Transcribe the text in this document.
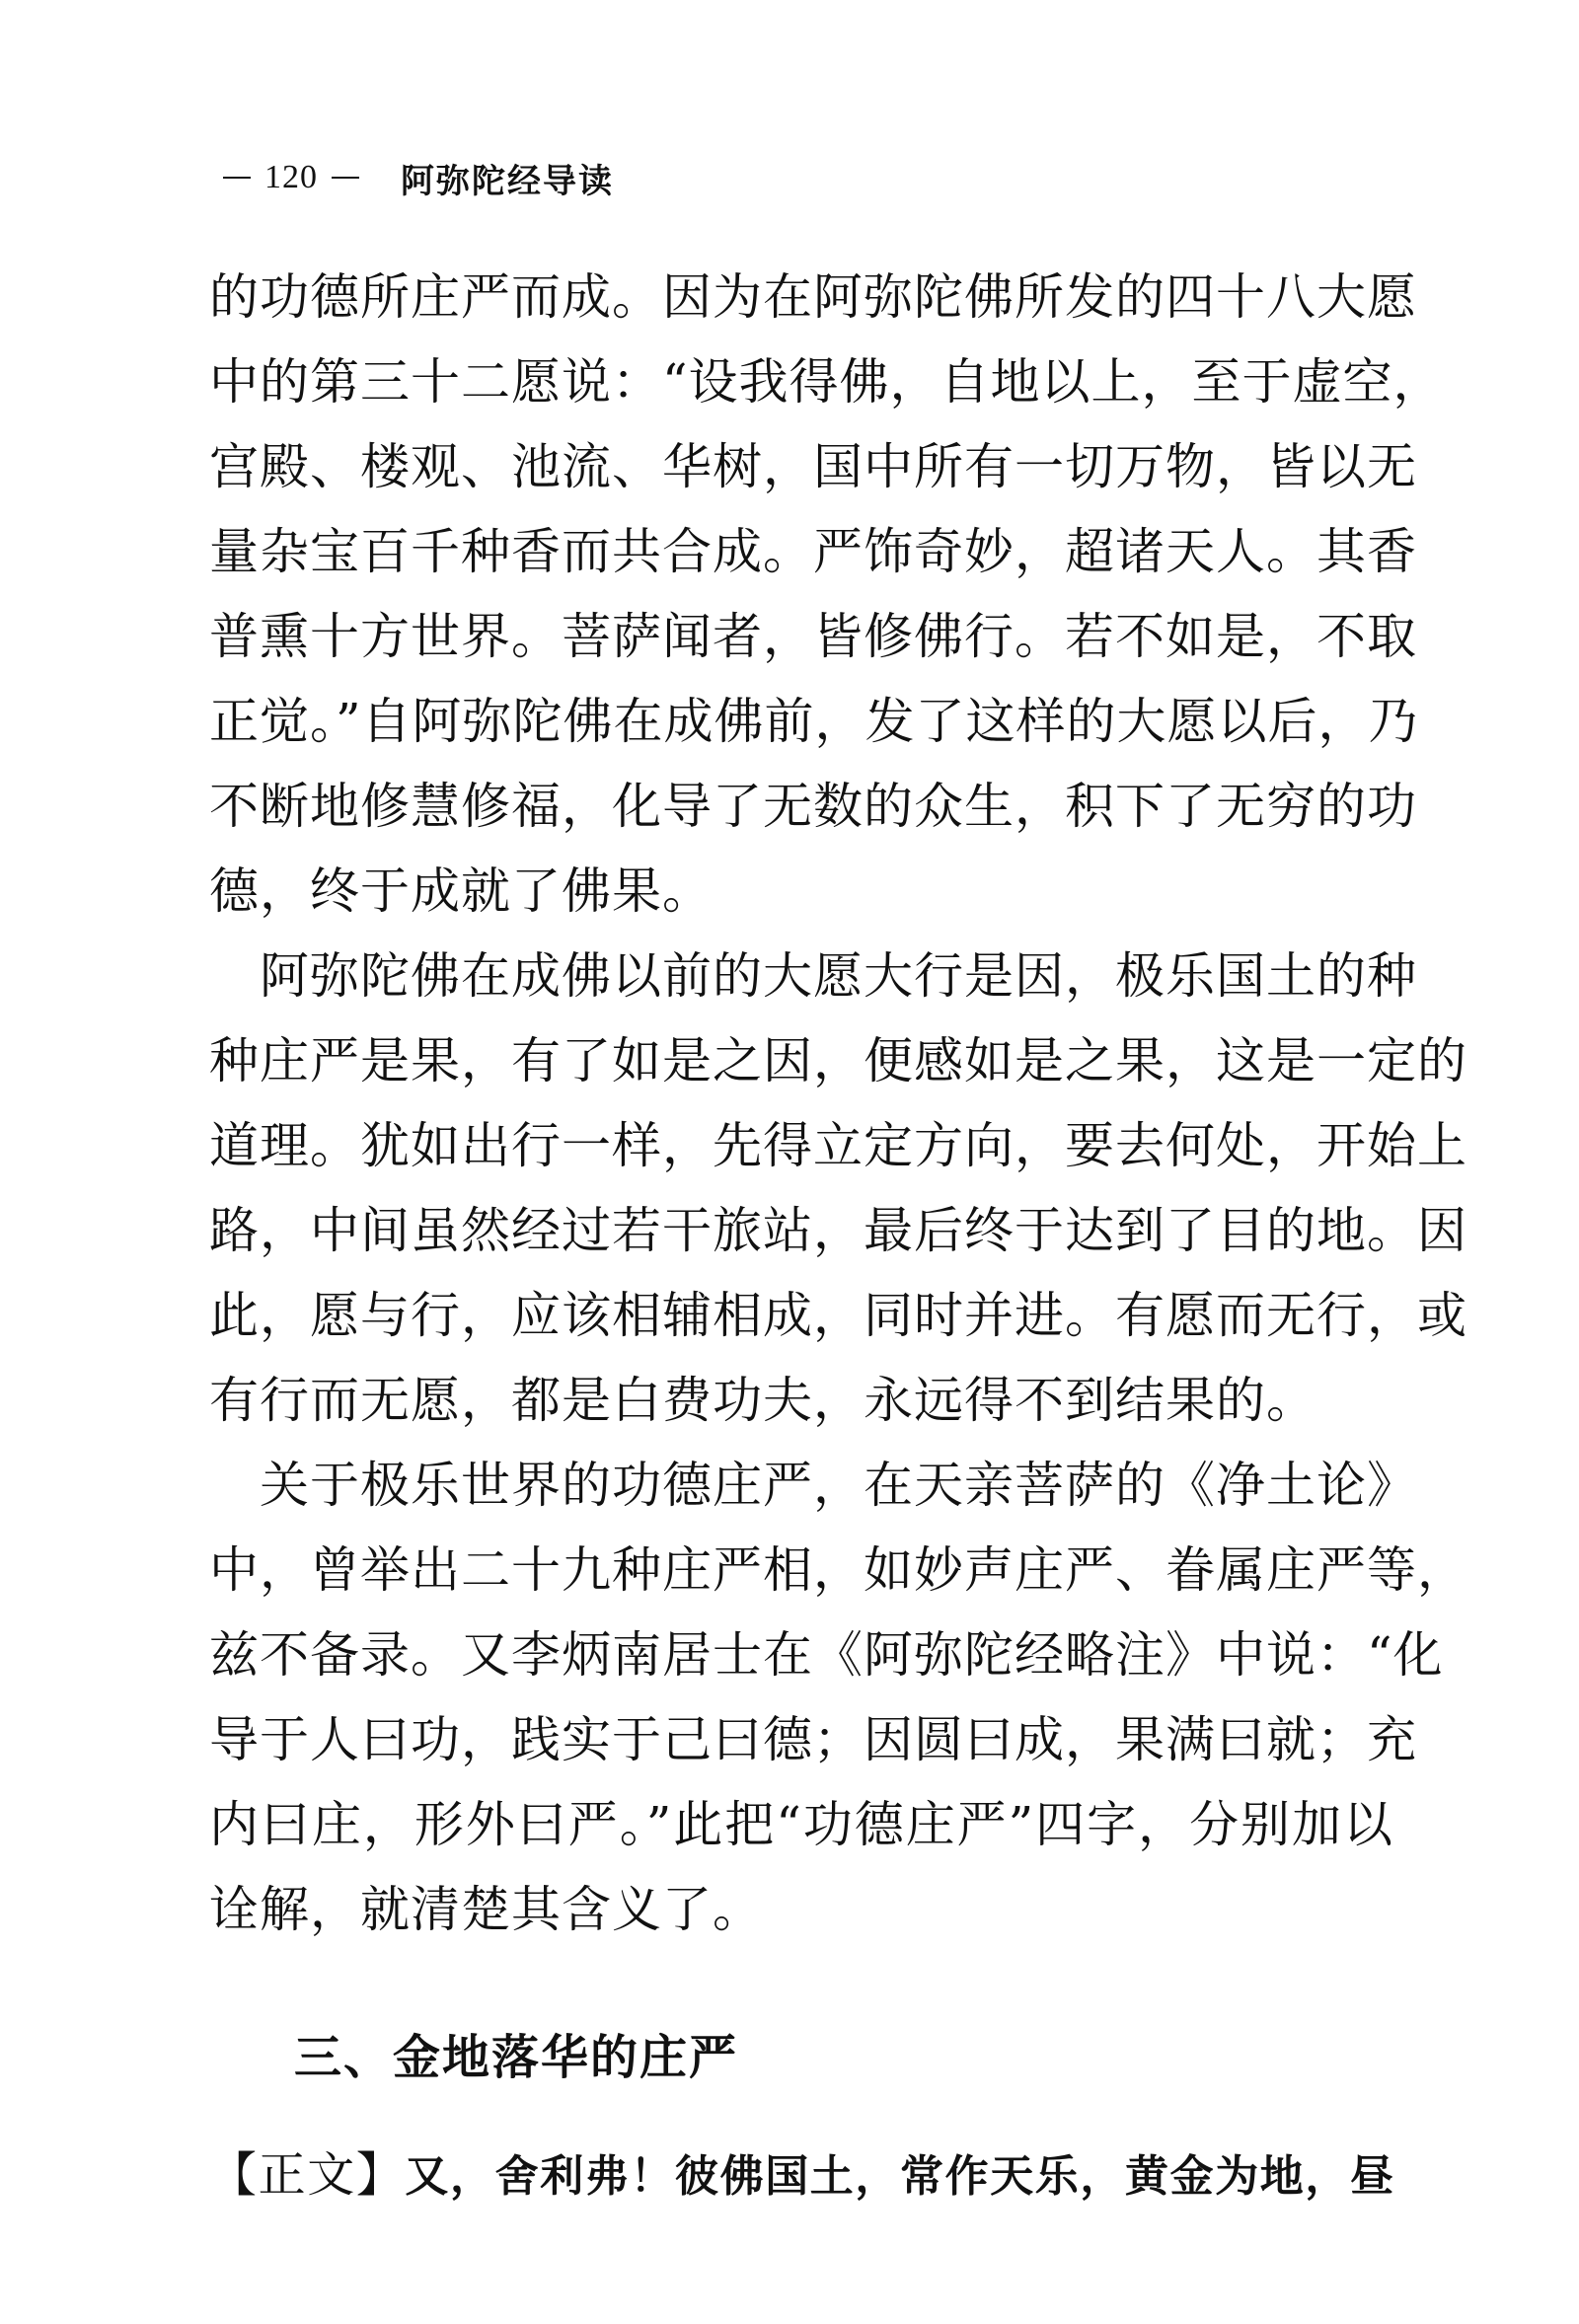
120 阿弥陀经导读
的功德所庄严而成。因为在阿弥陀佛所发的四十八大愿
中的第三十二愿说：“设我得佛，自地以上，至于虚空，
宫殿、楼观、池流、华树，国中所有一切万物，皆以无
量杂宝百千种香而共合成。严饰奇妙，超诸天人。其香
普熏十方世界。菩萨闻者，皆修佛行。若不如是，不取
正觉。”自阿弥陀佛在成佛前，发了这样的大愿以后，乃
不断地修慧修福，化导了无数的众生，积下了无穷的功
德，终于成就了佛果。
　阿弥陀佛在成佛以前的大愿大行是因，极乐国土的种
种庄严是果，有了如是之因，便感如是之果，这是一定的
道理。犹如出行一样，先得立定方向，要去何处，开始上
路，中间虽然经过若干旅站，最后终于达到了目的地。因
此，愿与行，应该相辅相成，同时并进。有愿而无行，或
有行而无愿，都是白费功夫，永远得不到结果的。
　关于极乐世界的功德庄严，在天亲菩萨的《净土论》
中，曾举出二十九种庄严相，如妙声庄严、眷属庄严等，
兹不备录。又李炳南居士在《阿弥陀经略注》中说：“化
导于人曰功，践实于己曰德；因圆曰成，果满曰就；充
内曰庄，形外曰严。”此把“功德庄严”四字，分别加以
诠解，就清楚其含义了。
三、金地落华的庄严
【正文】又，舍利弗！彼佛国土，常作天乐，黄金为地，昼
